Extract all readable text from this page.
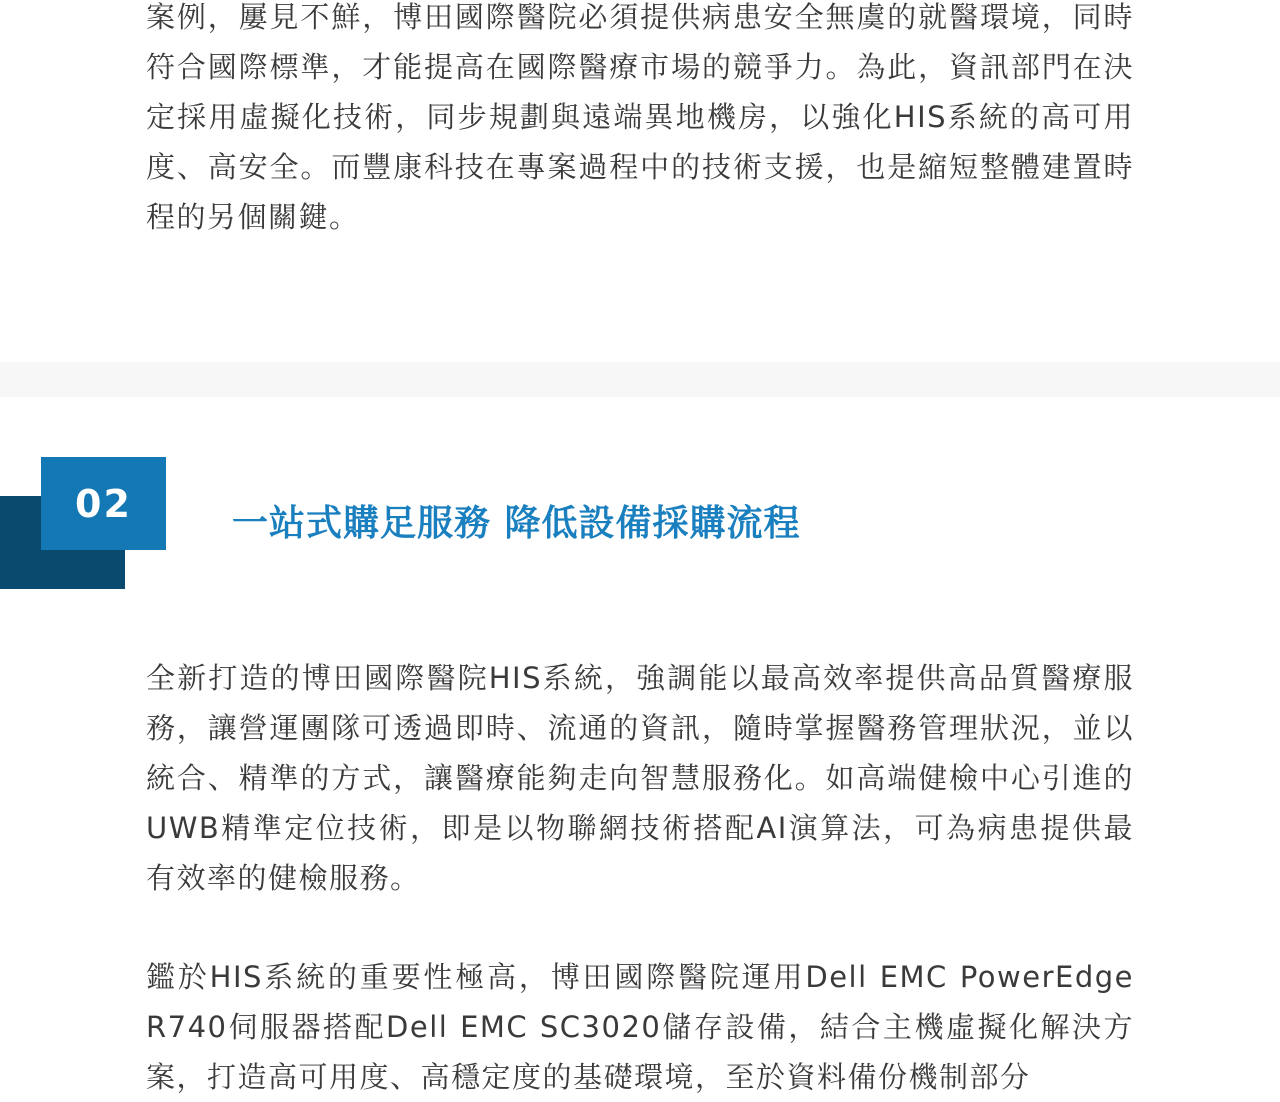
案例，屢見不鮮，博田國際醫院必須提供病患安全無虞的就醫環境，同時符合國際標準，才能提高在國際醫療市場的競爭力。為此，資訊部門在決定採用虛擬化技術，同步規劃與遠端異地機房，以強化HIS系統的高可用度、高安全。而豐康科技在專案過程中的技術支援，也是縮短整體建置時程的另個關鍵。

02	一站式購足服務 降低設備採購流程

全新打造的博田國際醫院HIS系統，強調能以最高效率提供高品質醫療服務，讓營運團隊可透過即時、流通的資訊，隨時掌握醫務管理狀況，並以統合、精準的方式，讓醫療能夠走向智慧服務化。如高端健檢中心引進的UWB精準定位技術，即是以物聯網技術搭配AI演算法，可為病患提供最有效率的健檢服務。

鑑於HIS系統的重要性極高，博田國際醫院運用Dell EMC PowerEdge R740伺服器搭配Dell EMC SC3020儲存設備，結合主機虛擬化解決方案，打造高可用度、高穩定度的基礎環境，至於資料備份機制部分
